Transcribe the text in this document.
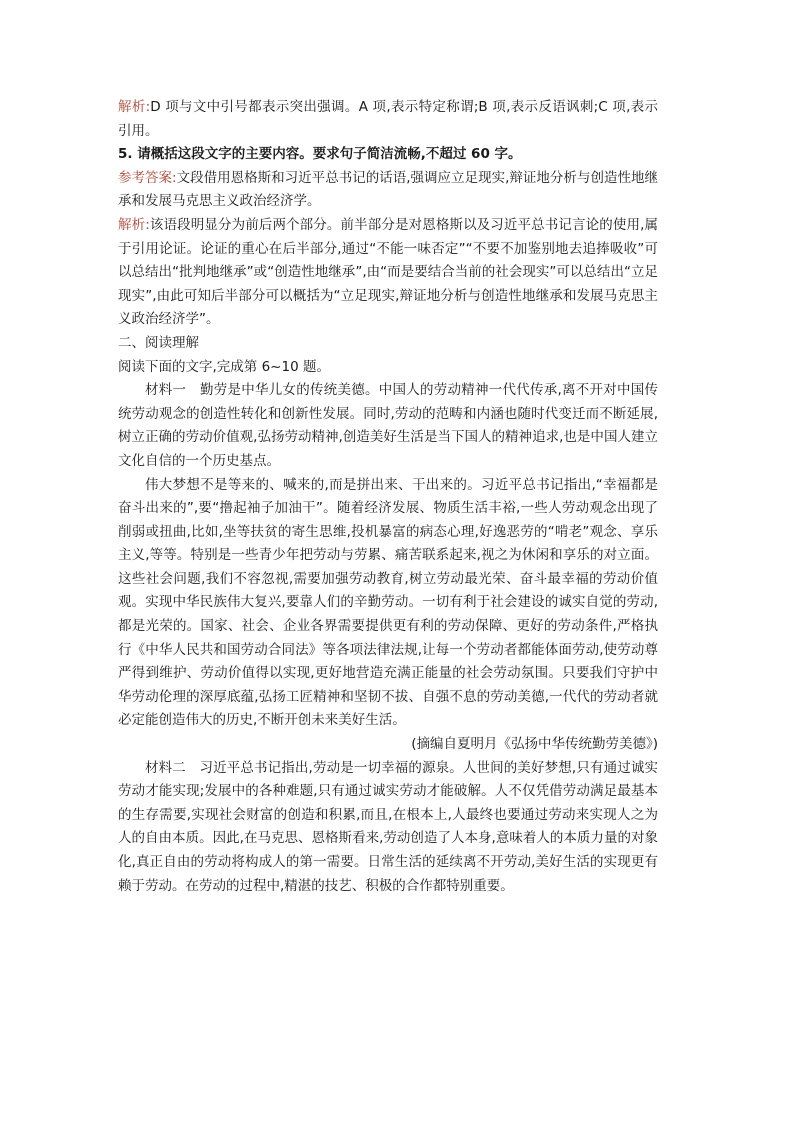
解析:D 项与文中引号都表示突出强调。A 项,表示特定称谓;B 项,表示反语讽刺;C 项,表示引用。

5. 请概括这段文字的主要内容。要求句子简洁流畅,不超过 60 字。

参考答案:文段借用恩格斯和习近平总书记的话语,强调应立足现实,辩证地分析与创造性地继承和发展马克思主义政治经济学。

解析:该语段明显分为前后两个部分。前半部分是对恩格斯以及习近平总书记言论的使用,属于引用论证。论证的重心在后半部分,通过“不能一味否定”“不要不加鉴别地去追捧吸收”可以总结出“批判地继承”或“创造性地继承”,由“而是要结合当前的社会现实”可以总结出“立足现实”,由此可知后半部分可以概括为“立足现实,辩证地分析与创造性地继承和发展马克思主义政治经济学”。

二、阅读理解

阅读下面的文字,完成第 6~10 题。

材料一　勤劳是中华儿女的传统美德。中国人的劳动精神一代代传承,离不开对中国传统劳动观念的创造性转化和创新性发展。同时,劳动的范畴和内涵也随时代变迁而不断延展,树立正确的劳动价值观,弘扬劳动精神,创造美好生活是当下国人的精神追求,也是中国人建立文化自信的一个历史基点。

伟大梦想不是等来的、喊来的,而是拼出来、干出来的。习近平总书记指出,“幸福都是奋斗出来的”,要“撸起袖子加油干”。随着经济发展、物质生活丰裕,一些人劳动观念出现了削弱或扭曲,比如,坐等扶贫的寄生思维,投机暴富的病态心理,好逸恶劳的“啃老”观念、享乐主义,等等。特别是一些青少年把劳动与劳累、痛苦联系起来,视之为休闲和享乐的对立面。这些社会问题,我们不容忽视,需要加强劳动教育,树立劳动最光荣、奋斗最幸福的劳动价值观。实现中华民族伟大复兴,要靠人们的辛勤劳动。一切有利于社会建设的诚实自觉的劳动,都是光荣的。国家、社会、企业各界需要提供更有利的劳动保障、更好的劳动条件,严格执行《中华人民共和国劳动合同法》等各项法律法规,让每一个劳动者都能体面劳动,使劳动尊严得到维护、劳动价值得以实现,更好地营造充满正能量的社会劳动氛围。只要我们守护中华劳动伦理的深厚底蕴,弘扬工匠精神和坚韧不拔、自强不息的劳动美德,一代代的劳动者就必定能创造伟大的历史,不断开创未来美好生活。

(摘编自夏明月《弘扬中华传统勤劳美德》)

材料二　习近平总书记指出,劳动是一切幸福的源泉。人世间的美好梦想,只有通过诚实劳动才能实现;发展中的各种难题,只有通过诚实劳动才能破解。人不仅凭借劳动满足最基本的生存需要,实现社会财富的创造和积累,而且,在根本上,人最终也要通过劳动来实现人之为人的自由本质。因此,在马克思、恩格斯看来,劳动创造了人本身,意味着人的本质力量的对象化,真正自由的劳动将构成人的第一需要。日常生活的延续离不开劳动,美好生活的实现更有赖于劳动。在劳动的过程中,精湛的技艺、积极的合作都特别重要。
